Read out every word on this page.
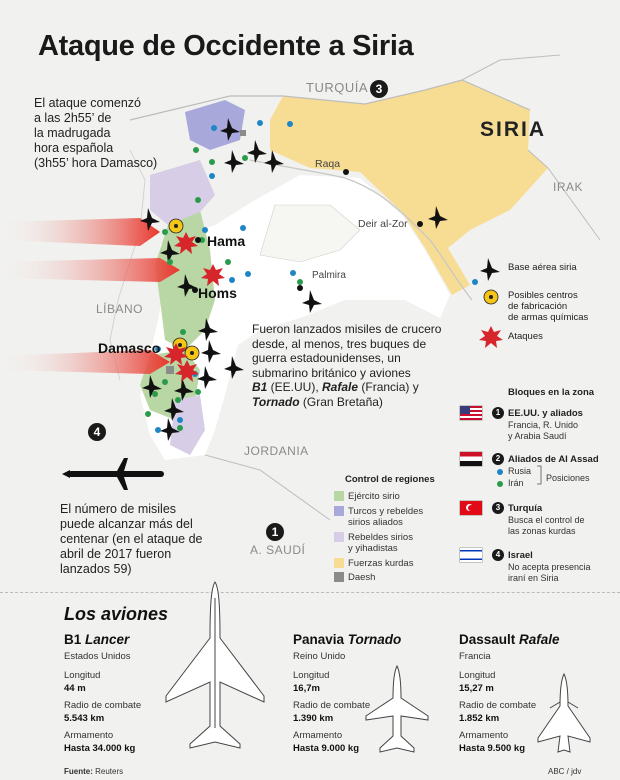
Ataque de Occidente a Siria
El ataque comenzó
a las 2h55’ de
la madrugada
hora española
(3h55’ hora Damasco)
TURQUÍA 3
SIRIA
IRAK
LÍBANO
JORDANIA
A. SAUDÍ
1
4
Hama
Homs
Damasco
Raqa
Deir al-Zor
Palmira
Base aérea siria
Posibles centros
de fabricación
de armas químicas
Ataques
Fueron lanzados misiles de crucero
desde, al menos, tres buques de
guerra estadounidenses, un
submarino británico y aviones
B1 (EE.UU), Rafale (Francia) y
Tornado (Gran Bretaña)
El número de misiles
puede alcanzar más del
centenar (en el ataque de
abril de 2017 fueron
lanzados 59)
Control de regiones
Ejército sirio
Turcos y rebeldes sirios aliados
Rebeldes sirios y yihadistas
Fuerzas kurdas
Daesh
Bloques en la zona
1 EE.UU. y aliados
Francia, R. Unido
y Arabia Saudí
2 Aliados de Al Assad
Rusia
Irán Posiciones
3 Turquía
Busca el control de
las zonas kurdas
4 Israel
No acepta presencia
iraní en Siria
Los aviones
B1 Lancer
Estados Unidos
Longitud
44 m
Radio de combate
5.543 km
Armamento
Hasta 34.000 kg
Panavia Tornado
Reino Unido
Longitud
16,7m
Radio de combate
1.390 km
Armamento
Hasta 9.000 kg
Dassault Rafale
Francia
Longitud
15,27 m
Radio de combate
1.852 km
Armamento
Hasta 9.500 kg
Fuente: Reuters	ABC / jdv
